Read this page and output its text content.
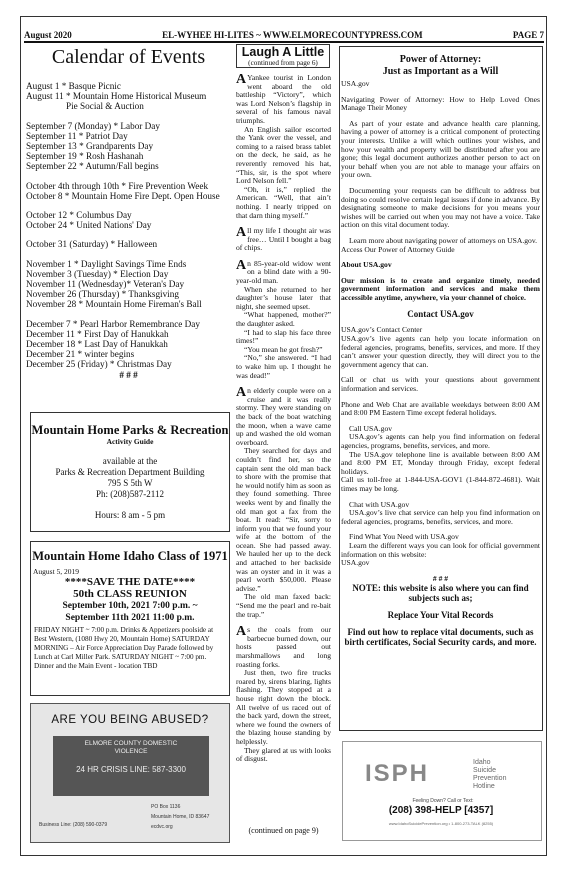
August 2020	EL-WYHEE HI-LITES ~ WWW.ELMORECOUNTYPRESS.COM	PAGE 7
Calendar of Events
August 1 * Basque Picnic
August 11 * Mountain Home Historical Museum
Pie Social & Auction
September 7 (Monday) * Labor Day
September 11 * Patriot Day
September 13 * Grandparents Day
September 19 * Rosh Hashanah
September 22 * Autumn/Fall begins
October 4th through 10th * Fire Prevention Week
October 8 * Mountain Home Fire Dept. Open House
October 12 * Columbus Day
October 24 * United Nations' Day
October 31 (Saturday) * Halloween
November 1 * Daylight Savings Time Ends
November 3 (Tuesday) * Election Day
November 11 (Wednesday)* Veteran's Day
November 26 (Thursday) * Thanksgiving
November 28 * Mountain Home Fireman's Ball
December 7 * Pearl Harbor Remembrance Day
December 11 * First Day of Hanukkah
December 18 * Last Day of Hanukkah
December 21 * winter begins
December 25 (Friday) * Christmas Day
# # #
Mountain Home Parks & Recreation
Activity Guide

available at the

Parks & Recreation Department Building

795 S 5th W

Ph: (208)587-2112

Hours: 8 am - 5 pm

Mountain Home Idaho Class of 1971
August 5, 2019
****SAVE THE DATE****
50th CLASS REUNION
September 10th, 2021 7:00 p.m. ~
September 11th 2021 11:00 p.m.
FRIDAY NIGHT ~ 7:00 p.m. Drinks & Appetizers poolside at Best Western, (1080 Hwy 20, Mountain Home) SATURDAY MORNING – Air Force Appreciation Day Parade followed by Lunch at Carl Miller Park. SATURDAY NIGHT ~ 7:00 pm. Dinner and the Main Event - location TBD
ARE YOU BEING ABUSED?
ELMORE COUNTY DOMESTIC
VIOLENCE
24 HR CRISIS LINE: 587-3300
Business Line: (208) 590-0379
PO Box 1136
Mountain Home, ID 83647
ecdvc.org
Laugh A Little
(continued from page 6)

A Yankee tourist in London went aboard the old battleship “Victory”, which was Lord Nelson’s flagship in several of his famous naval triumphs.

An English sailor escorted the Yank over the vessel, and coming to a raised brass tablet on the deck, he said, as he reverently removed his hat, “This, sir, is the spot where Lord Nelson fell.”

“Oh, it is,” replied the American. “Well, that ain’t nothing. I nearly tripped on that darn thing myself.”

All my life I thought air was free… Until I bought a bag of chips.

An 85-year-old widow went on a blind date with a 90-year-old man.

When she returned to her daughter’s house later that night, she seemed upset.

“What happened, mother?” the daughter asked.

“I had to slap his face three times!”

“You mean he got fresh?”

“No,” she answered. “I had to wake him up. I thought he was dead!”

An elderly couple were on a cruise and it was really stormy. They were standing on the back of the boat watching the moon, when a wave came up and washed the old woman overboard.

They searched for days and couldn’t find her, so the captain sent the old man back to shore with the promise that he would notify him as soon as they found something. Three weeks went by and finally the old man got a fax from the boat. It read: “Sir, sorry to inform you that we found your wife at the bottom of the ocean. She had passed away. We hauled her up to the deck and attached to her backside was an oyster and in it was a pearl worth $50,000. Please advise.”

The old man faxed back: “Send me the pearl and re-bait the trap.”

As the coals from our barbecue burned down, our hosts passed out marshmallows and long roasting forks.

Just then, two fire trucks roared by, sirens blaring, lights flashing. They stopped at a house right down the block. All twelve of us raced out of the back yard, down the street, where we found the owners of the blazing house standing by helplessly.

They glared at us with looks of disgust.

(continued on page 9)
Power of Attorney:
Just as Important as a Will

USA.gov

Navigating Power of Attorney: How to Help Loved Ones Manage Their Money

As part of your estate and advance health care planning, having a power of attorney is a critical component of protecting your interests. Unlike a will which outlines your wishes, and how your wealth and property will be distributed after you are gone; this legal document authorizes another person to act on your behalf when you are not able to manage your affairs on your own.

Documenting your requests can be difficult to address but doing so could resolve certain legal issues if done in advance. By designating someone to make decisions for you means your wishes will be carried out when you may not have a voice. Take action on this vital document today.

Learn more about navigating power of attorneys on USA.gov.

Access Our Power of Attorney Guide

About USA.gov

Our mission is to create and organize timely, needed government information and services and make them accessible anytime, anywhere, via your channel of choice.

Contact USA.gov

USA.gov’s Contact Center

USA.gov’s live agents can help you locate information on federal agencies, programs, benefits, services, and more. If they can’t answer your question directly, they will direct you to the government agency that can.

Call or chat us with your questions about government information and services.

Phone and Web Chat are available weekdays between 8:00 AM and 8:00 PM Eastern Time except federal holidays.

Call USA.gov

USA.gov’s agents can help you find information on federal agencies, programs, benefits, services, and more.

The USA.gov telephone line is available between 8:00 AM and 8:00 PM ET, Monday through Friday, except federal holidays.

Call us toll-free at 1-844-USA-GOV1 (1-844-872-4681). Wait times may be long.

Chat with USA.gov

USA.gov’s live chat service can help you find information on federal agencies, programs, benefits, services, and more.

Find What You Need with USA.gov

Learn the different ways you can look for official government information on this website:

USA.gov

# # #

NOTE: this website is also where you can find subjects such as;

Replace Your Vital Records

Find out how to replace vital documents, such as birth certificates, Social Security cards, and more.

ISPH	Idaho
Suicide
Prevention
Hotline
Feeling Down? Call or Text:
(208) 398-HELP [4357]
www.IdahoSuicidePrevention.org • 1-800-273-TALK (8255)
